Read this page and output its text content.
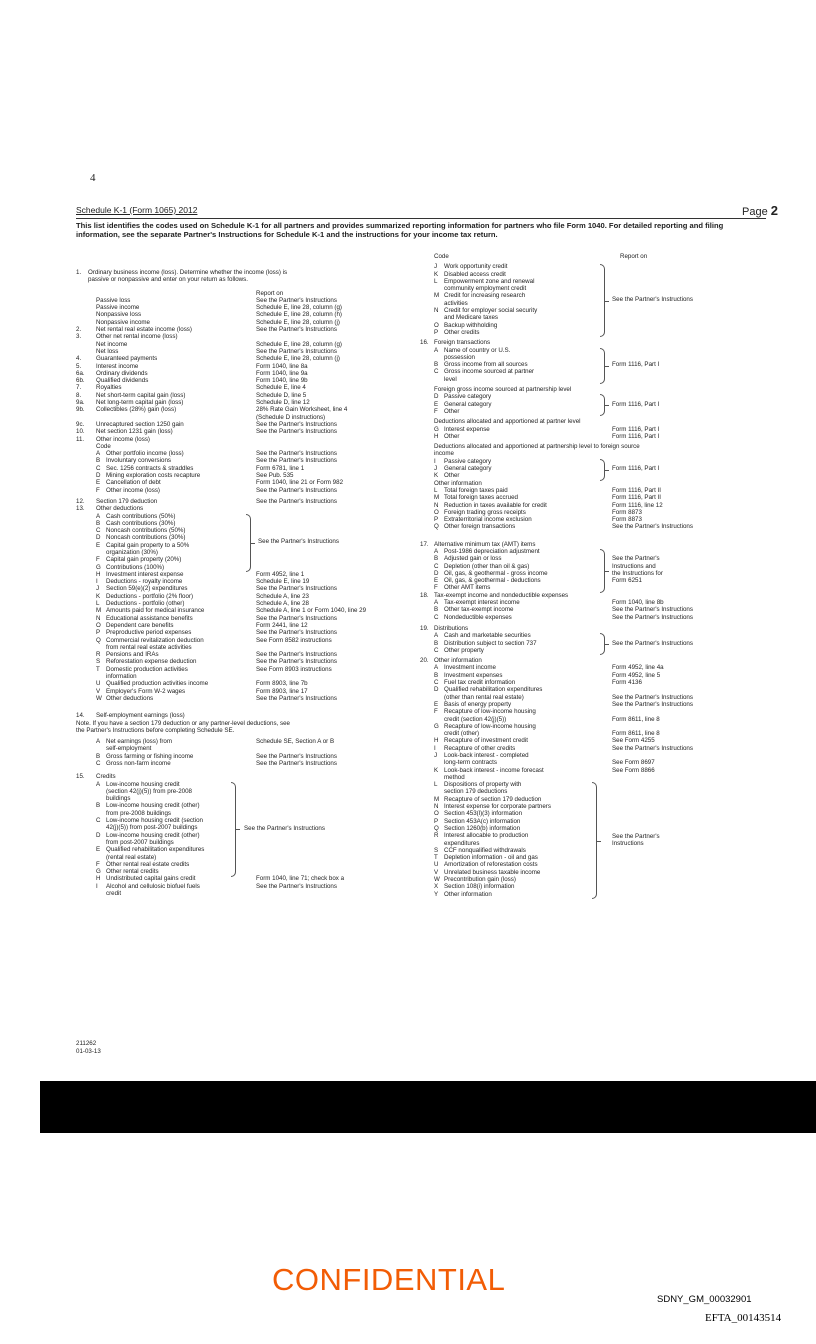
4
Schedule K-1 (Form 1065) 2012	Page 2
This list identifies the codes used on Schedule K-1 for all partners and provides summarized reporting information for partners who file Form 1040. For detailed reporting and filing information, see the separate Partner's Instructions for Schedule K-1 and the instructions for your income tax return.
1. Ordinary business income (loss). Determine whether the income (loss) is
passive or nonpassive and enter on your return as follows.
Report on
Passive loss	See the Partner's Instructions
Passive income	Schedule E, line 28, column (g)
Nonpassive loss	Schedule E, line 28, column (h)
Nonpassive income	Schedule E, line 28, column (j)
2. Net rental real estate income (loss)	See the Partner's Instructions
3. Other net rental income (loss)
Net income	Schedule E, line 28, column (g)
Net loss	See the Partner's Instructions
4. Guaranteed payments	Schedule E, line 28, column (j)
5. Interest income	Form 1040, line 8a
6a. Ordinary dividends	Form 1040, line 9a
6b. Qualified dividends	Form 1040, line 9b
7. Royalties	Schedule E, line 4
8. Net short-term capital gain (loss)	Schedule D, line 5
9a. Net long-term capital gain (loss)	Schedule D, line 12
9b. Collectibles (28%) gain (loss)	28% Rate Gain Worksheet, line 4
(Schedule D instructions)
9c. Unrecaptured section 1250 gain	See the Partner's Instructions
10. Net section 1231 gain (loss)	See the Partner's Instructions
11. Other income (loss)
Code
A Other portfolio income (loss)	See the Partner's Instructions
B Involuntary conversions	See the Partner's Instructions
C Sec. 1256 contracts & straddles	Form 6781, line 1
D Mining exploration costs recapture	See Pub. 535
E Cancellation of debt	Form 1040, line 21 or Form 982
F Other income (loss)	See the Partner's Instructions
12. Section 179 deduction	See the Partner's Instructions
13. Other deductions
A Cash contributions (50%)
B Cash contributions (30%)
C Noncash contributions (50%)
D Noncash contributions (30%)
E Capital gain property to a 50%
organization (30%)
F Capital gain property (20%)
G Contributions (100%)
H Investment interest expense	Form 4952, line 1
I Deductions - royalty income	Schedule E, line 19
J Section 59(e)(2) expenditures	See the Partner's Instructions
K Deductions - portfolio (2% floor)	Schedule A, line 23
L Deductions - portfolio (other)	Schedule A, line 28
M Amounts paid for medical insurance	Schedule A, line 1 or Form 1040, line 29
N Educational assistance benefits	See the Partner's Instructions
O Dependent care benefits	Form 2441, line 12
P Preproductive period expenses	See the Partner's Instructions
Q Commercial revitalization deduction	See Form 8582 instructions
from rental real estate activities
R Pensions and IRAs	See the Partner's Instructions
S Reforestation expense deduction	See the Partner's Instructions
T Domestic production activities	See Form 8903 instructions
information
U Qualified production activities income	Form 8903, line 7b
V Employer's Form W-2 wages	Form 8903, line 17
W Other deductions	See the Partner's Instructions
See the Partner's Instructions
14. Self-employment earnings (loss)
Note. If you have a section 179 deduction or any partner-level deductions, see
the Partner's Instructions before completing Schedule SE.
A Net earnings (loss) from	Schedule SE, Section A or B
self-employment
B Gross farming or fishing income	See the Partner's Instructions
C Gross non-farm income	See the Partner's Instructions
15. Credits
A Low-income housing credit
(section 42(j)(5)) from pre-2008
buildings
B Low-income housing credit (other)
from pre-2008 buildings
C Low-income housing credit (section
42(j)(5)) from post-2007 buildings
D Low-income housing credit (other)
from post-2007 buildings
E Qualified rehabilitation expenditures
(rental real estate)
F Other rental real estate credits
G Other rental credits
H Undistributed capital gains credit	Form 1040, line 71; check box a
I Alcohol and cellulosic biofuel fuels	See the Partner's Instructions
credit
See the Partner's Instructions
Code	Report on
J Work opportunity credit
K Disabled access credit
L Empowerment zone and renewal
community employment credit
M Credit for increasing research
activities
N Credit for employer social security
and Medicare taxes
O Backup withholding
P Other credits
See the Partner's Instructions
16. Foreign transactions
A Name of country or U.S.
possession
B Gross income from all sources
C Gross income sourced at partner
level
Form 1116, Part I
Foreign gross income sourced at partnership level
D Passive category
E General category
F Other
Form 1116, Part I
Deductions allocated and apportioned at partner level
G Interest expense	Form 1116, Part I
H Other	Form 1116, Part I
Deductions allocated and apportioned at partnership level to foreign source
income
I Passive category
J General category
K Other
Form 1116, Part I
Other information
L Total foreign taxes paid	Form 1116, Part II
M Total foreign taxes accrued	Form 1116, Part II
N Reduction in taxes available for credit	Form 1116, line 12
O Foreign trading gross receipts	Form 8873
P Extraterritorial income exclusion	Form 8873
Q Other foreign transactions	See the Partner's Instructions
17. Alternative minimum tax (AMT) items
A Post-1986 depreciation adjustment
B Adjusted gain or loss
C Depletion (other than oil & gas)
D Oil, gas, & geothermal - gross income
E Oil, gas, & geothermal - deductions
F Other AMT items
See the Partner's
Instructions and
the Instructions for
Form 6251
18. Tax-exempt income and nondeductible expenses
A Tax-exempt interest income	Form 1040, line 8b
B Other tax-exempt income	See the Partner's Instructions
C Nondeductible expenses	See the Partner's Instructions
19. Distributions
A Cash and marketable securities
B Distribution subject to section 737
C Other property
See the Partner's Instructions
20. Other information
A Investment income	Form 4952, line 4a
B Investment expenses	Form 4952, line 5
C Fuel tax credit information	Form 4136
D Qualified rehabilitation expenditures
(other than rental real estate)	See the Partner's Instructions
E Basis of energy property	See the Partner's Instructions
F Recapture of low-income housing
credit (section 42(j)(5))	Form 8611, line 8
G Recapture of low-income housing
credit (other)	Form 8611, line 8
H Recapture of investment credit	See Form 4255
I Recapture of other credits	See the Partner's Instructions
J Look-back interest - completed
long-term contracts	See Form 8697
K Look-back interest - income forecast	See Form 8866
method
L Dispositions of property with
section 179 deductions
M Recapture of section 179 deduction
N Interest expense for corporate partners
O Section 453(l)(3) information
P Section 453A(c) information
Q Section 1260(b) information
R Interest allocable to production
expenditures
S CCF nonqualified withdrawals
T Depletion information - oil and gas
U Amortization of reforestation costs
V Unrelated business taxable income
W Precontribution gain (loss)
X Section 108(i) information
Y Other information
See the Partner's
Instructions
211262
01-03-13
CONFIDENTIAL
SDNY_GM_00032901
EFTA_00143514
